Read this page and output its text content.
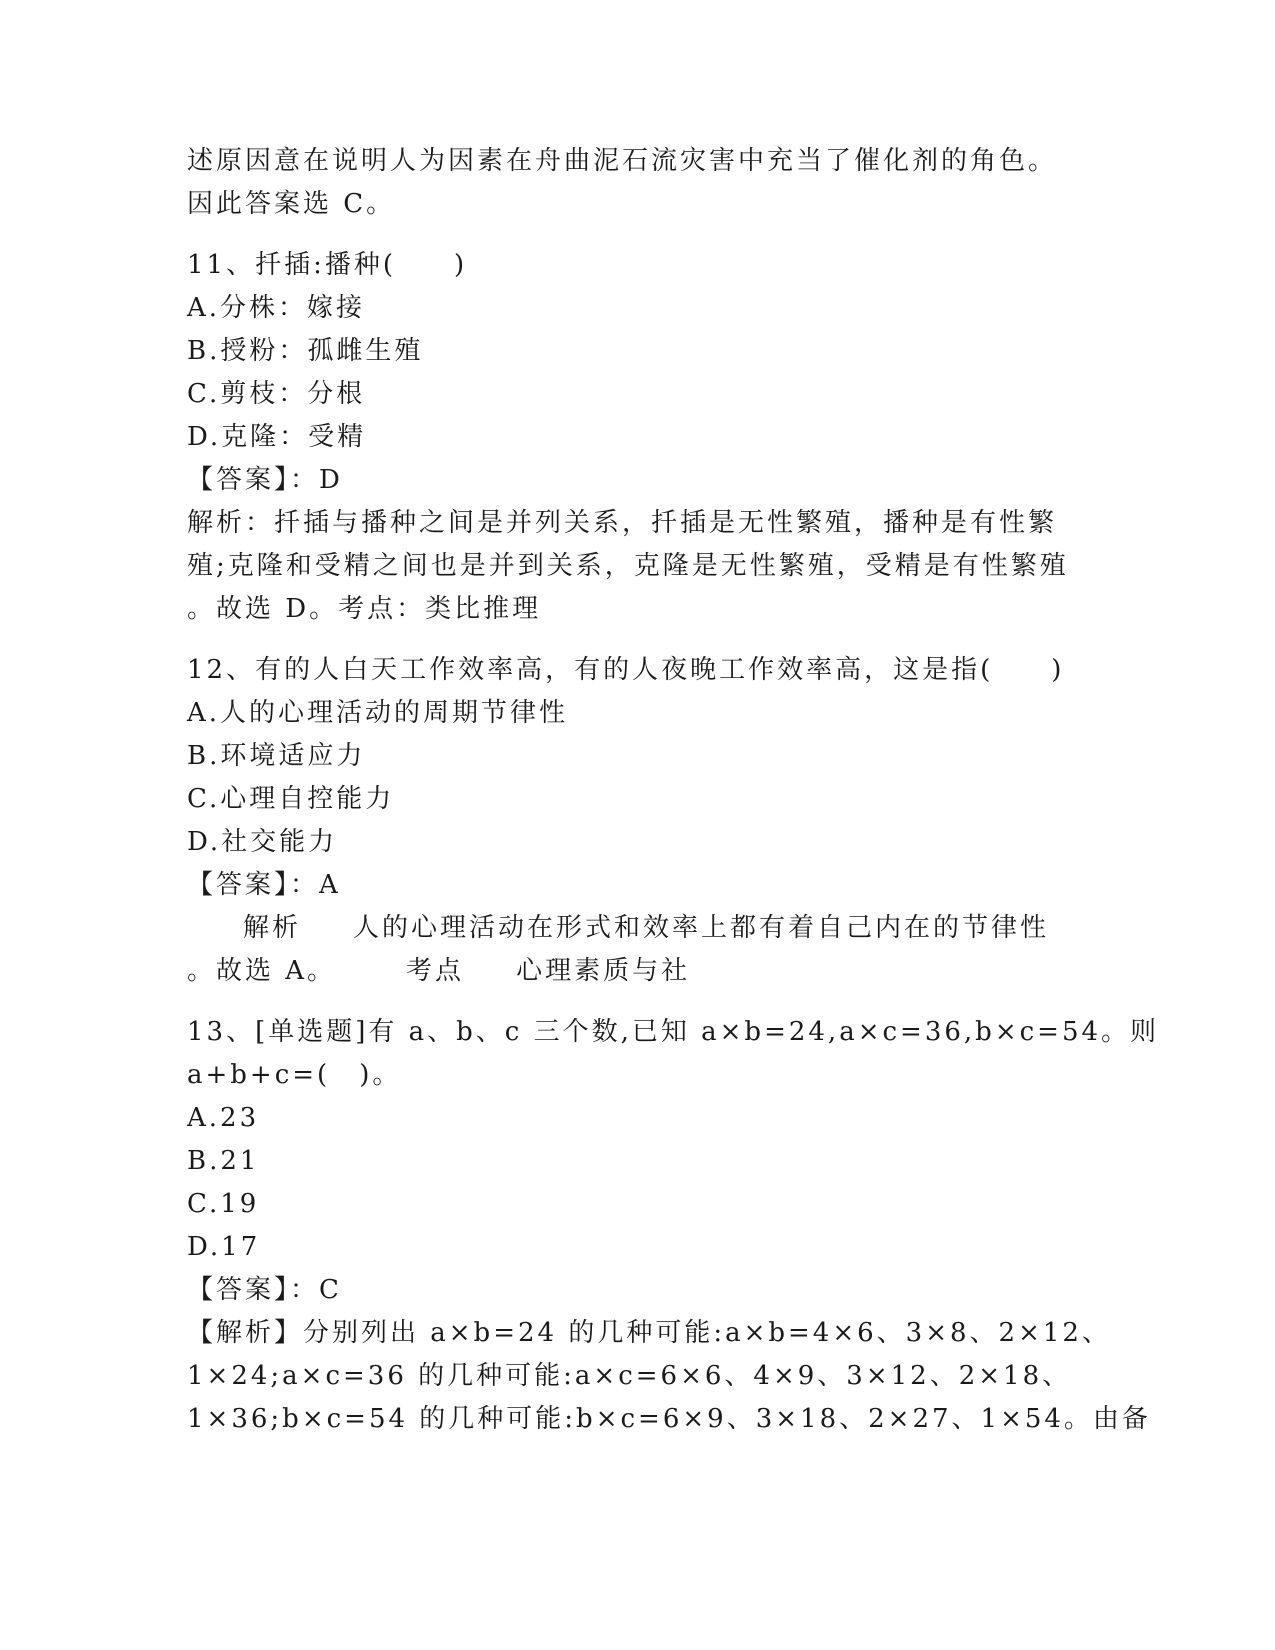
述原因意在说明人为因素在舟曲泥石流灾害中充当了催化剂的角色。
因此答案选 C。
11、扦插:播种(　　)
A.分株：嫁接
B.授粉：孤雌生殖
C.剪枝：分根
D.克隆：受精
【答案】：D
解析：扦插与播种之间是并列关系，扦插是无性繁殖，播种是有性繁
殖;克隆和受精之间也是并到关系，克隆是无性繁殖，受精是有性繁殖
。故选 D。考点：类比推理
12、有的人白天工作效率高，有的人夜晚工作效率高，这是指(　　)
A.人的心理活动的周期节律性
B.环境适应力
C.心理自控能力
D.社交能力
【答案】：A
解析 人的心理活动在形式和效率上都有着自己内在的节律性
。故选 A。	考点 心理素质与社
13、[单选题]有 a、b、c 三个数,已知 a×b=24,a×c=36,b×c=54。则
a+b+c=(　)。
A.23
B.21
C.19
D.17
【答案】：C
【解析】分别列出 a×b=24 的几种可能:a×b=4×6、3×8、2×12、
1×24;a×c=36 的几种可能:a×c=6×6、4×9、3×12、2×18、
1×36;b×c=54 的几种可能:b×c=6×9、3×18、2×27、1×54。由备
